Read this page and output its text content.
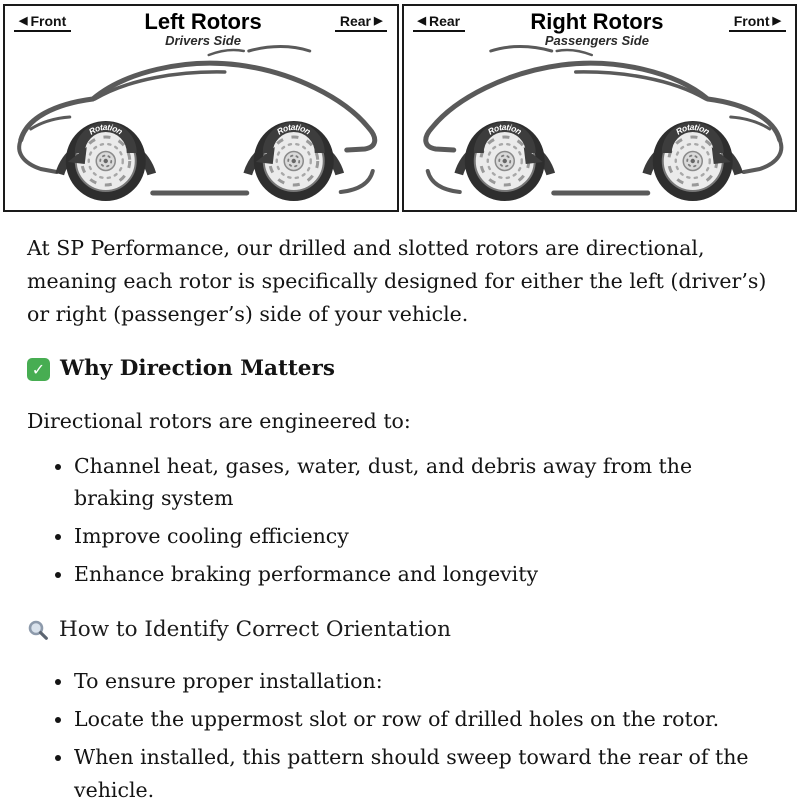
◀ Front	Left Rotors
Drivers Side
Rear ▶
Rotation	Rotation
◀ Rear	Right Rotors
Passengers Side
Front ▶
Rotation	Rotation

At SP Performance, our drilled and slotted rotors are directional, meaning each rotor is specifically designed for either the left (driver’s) or right (passenger’s) side of your vehicle.

✓
Why Direction Matters

Directional rotors are engineered to:

• Channel heat, gases, water, dust, and debris away from the braking system
• Improve cooling efficiency
• Enhance braking performance and longevity
How to Identify Correct Orientation
• To ensure proper installation:
• Locate the uppermost slot or row of drilled holes on the rotor.
• When installed, this pattern should sweep toward the rear of the vehicle.
